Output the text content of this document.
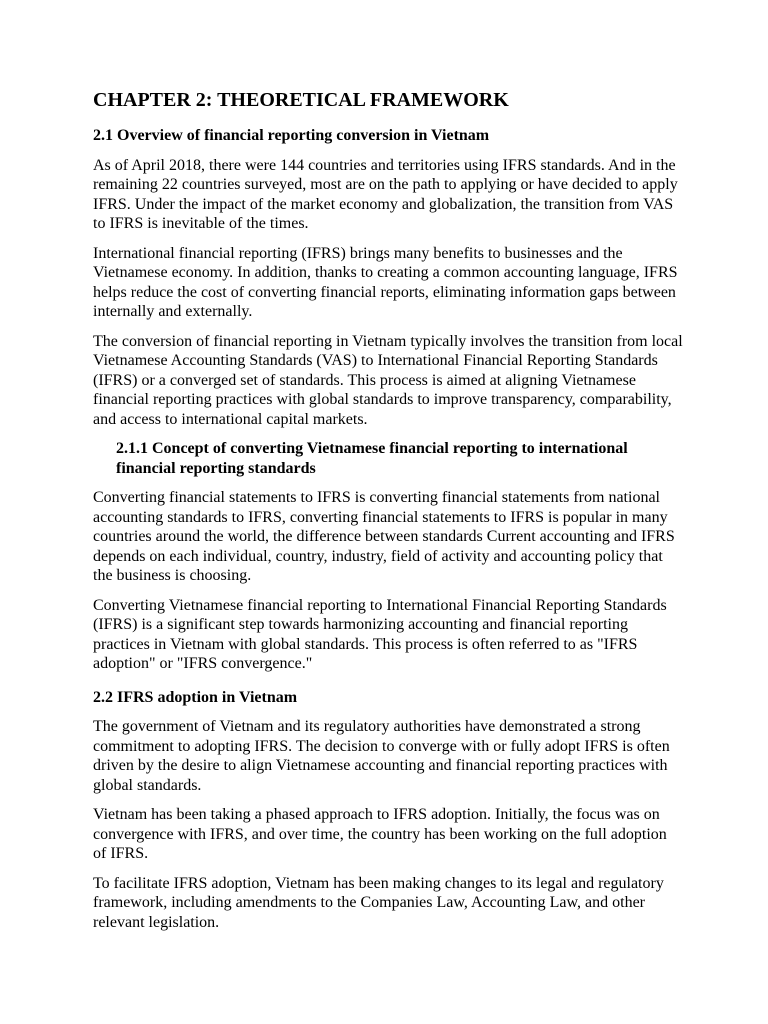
CHAPTER 2: THEORETICAL FRAMEWORK
2.1 Overview of financial reporting conversion in Vietnam

As of April 2018, there were 144 countries and territories using IFRS standards. And in the remaining 22 countries surveyed, most are on the path to applying or have decided to apply IFRS. Under the impact of the market economy and globalization, the transition from VAS to IFRS is inevitable of the times.

International financial reporting (IFRS) brings many benefits to businesses and the Vietnamese economy. In addition, thanks to creating a common accounting language, IFRS helps reduce the cost of converting financial reports, eliminating information gaps between internally and externally.

The conversion of financial reporting in Vietnam typically involves the transition from local Vietnamese Accounting Standards (VAS) to International Financial Reporting Standards (IFRS) or a converged set of standards. This process is aimed at aligning Vietnamese financial reporting practices with global standards to improve transparency, comparability, and access to international capital markets.

2.1.1 Concept of converting Vietnamese financial reporting to international financial reporting standards

Converting financial statements to IFRS is converting financial statements from national accounting standards to IFRS, converting financial statements to IFRS is popular in many countries around the world, the difference between standards Current accounting and IFRS depends on each individual, country, industry, field of activity and accounting policy that the business is choosing.

Converting Vietnamese financial reporting to International Financial Reporting Standards (IFRS) is a significant step towards harmonizing accounting and financial reporting practices in Vietnam with global standards. This process is often referred to as "IFRS adoption" or "IFRS convergence."

2.2 IFRS adoption in Vietnam

The government of Vietnam and its regulatory authorities have demonstrated a strong commitment to adopting IFRS. The decision to converge with or fully adopt IFRS is often driven by the desire to align Vietnamese accounting and financial reporting practices with global standards.

Vietnam has been taking a phased approach to IFRS adoption. Initially, the focus was on convergence with IFRS, and over time, the country has been working on the full adoption of IFRS.

To facilitate IFRS adoption, Vietnam has been making changes to its legal and regulatory framework, including amendments to the Companies Law, Accounting Law, and other relevant legislation.
